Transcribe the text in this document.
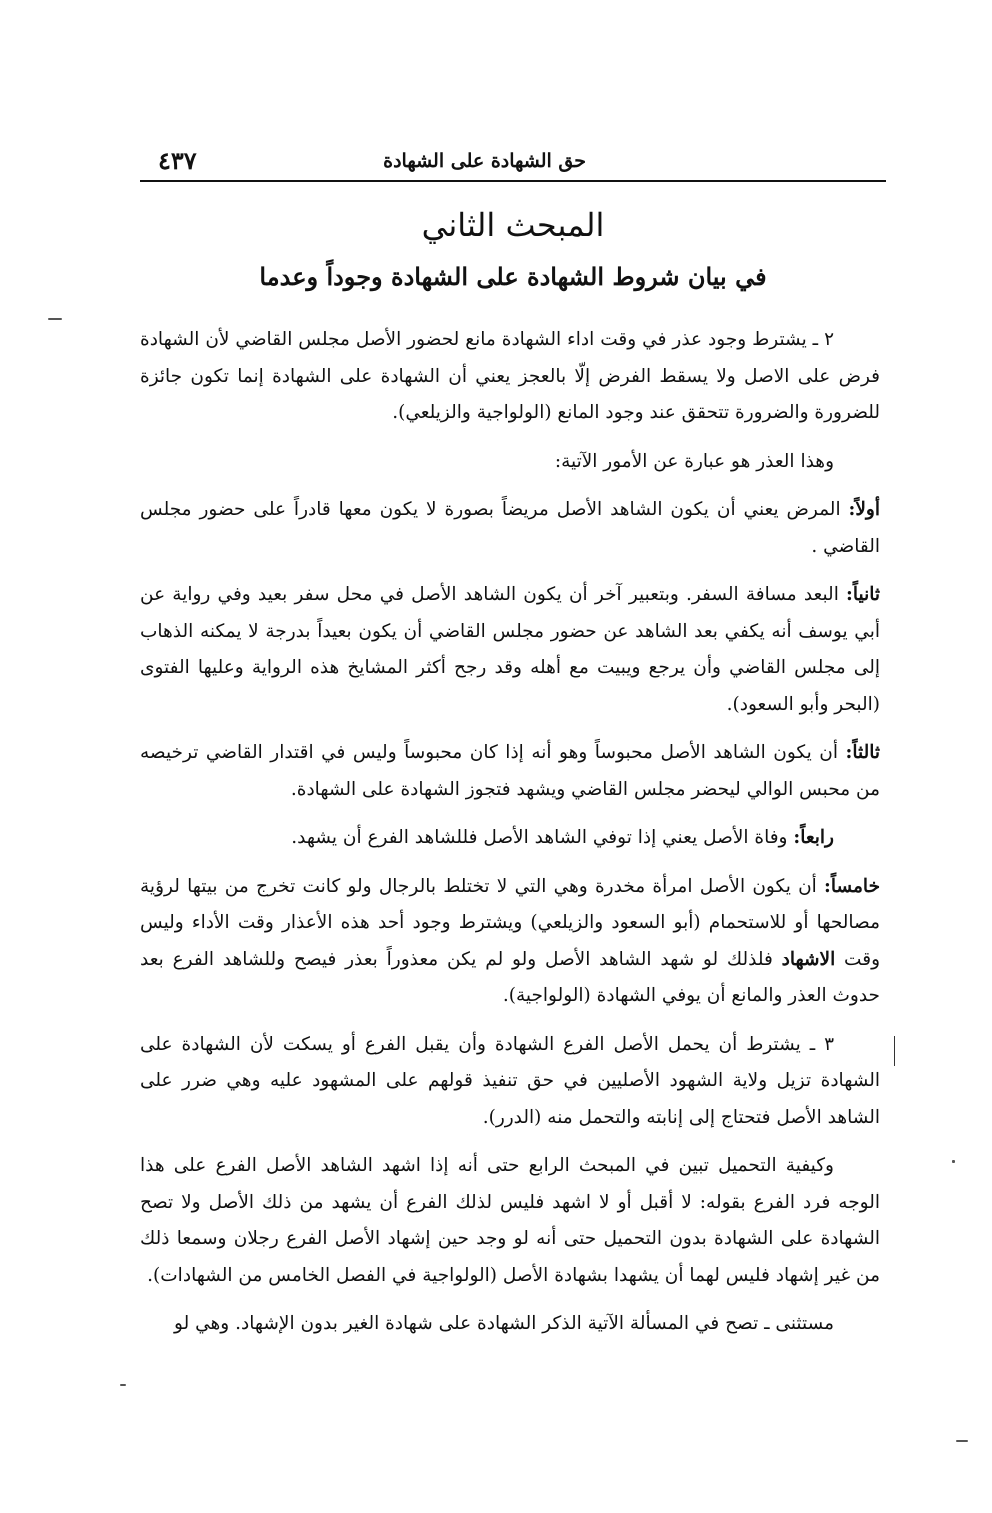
حق الشهادة على الشهادة
٤٣٧
المبحث الثاني
في بيان شروط الشهادة على الشهادة وجوداً وعدما

٢ ـ يشترط وجود عذر في وقت اداء الشهادة مانع لحضور الأصل مجلس القاضي لأن الشهادة فرض على الاصل ولا يسقط الفرض إلّا بالعجز يعني أن الشهادة على الشهادة إنما تكون جائزة للضرورة والضرورة تتحقق عند وجود المانع (الولواجية والزيلعي).

وهذا العذر هو عبارة عن الأمور الآتية:

أولاً: المرض يعني أن يكون الشاهد الأصل مريضاً بصورة لا يكون معها قادراً على حضور مجلس القاضي .

ثانياً: البعد مسافة السفر. وبتعبير آخر أن يكون الشاهد الأصل في محل سفر بعيد وفي رواية عن أبي يوسف أنه يكفي بعد الشاهد عن حضور مجلس القاضي أن يكون بعيداً بدرجة لا يمكنه الذهاب إلى مجلس القاضي وأن يرجع ويبيت مع أهله وقد رجح أكثر المشايخ هذه الرواية وعليها الفتوى (البحر وأبو السعود).

ثالثاً: أن يكون الشاهد الأصل محبوساً وهو أنه إذا كان محبوساً وليس في اقتدار القاضي ترخيصه من محبس الوالي ليحضر مجلس القاضي ويشهد فتجوز الشهادة على الشهادة.

رابعاً: وفاة الأصل يعني إذا توفي الشاهد الأصل فللشاهد الفرع أن يشهد.

خامساً: أن يكون الأصل امرأة مخدرة وهي التي لا تختلط بالرجال ولو كانت تخرج من بيتها لرؤية مصالحها أو للاستحمام (أبو السعود والزيلعي) ويشترط وجود أحد هذه الأعذار وقت الأداء وليس وقت الاشهاد فلذلك لو شهد الشاهد الأصل ولو لم يكن معذوراً بعذر فيصح وللشاهد الفرع بعد حدوث العذر والمانع أن يوفي الشهادة (الولواجية).

٣ ـ يشترط أن يحمل الأصل الفرع الشهادة وأن يقبل الفرع أو يسكت لأن الشهادة على الشهادة تزيل ولاية الشهود الأصليين في حق تنفيذ قولهم على المشهود عليه وهي ضرر على الشاهد الأصل فتحتاج إلى إنابته والتحمل منه (الدرر).

وكيفية التحميل تبين في المبحث الرابع حتى أنه إذا اشهد الشاهد الأصل الفرع على هذا الوجه فرد الفرع بقوله: لا أقبل أو لا اشهد فليس لذلك الفرع أن يشهد من ذلك الأصل ولا تصح الشهادة على الشهادة بدون التحميل حتى أنه لو وجد حين إشهاد الأصل الفرع رجلان وسمعا ذلك من غير إشهاد فليس لهما أن يشهدا بشهادة الأصل (الولواجية في الفصل الخامس من الشهادات).

مستثنى ـ تصح في المسألة الآتية الذكر الشهادة على شهادة الغير بدون الإشهاد. وهي لو
